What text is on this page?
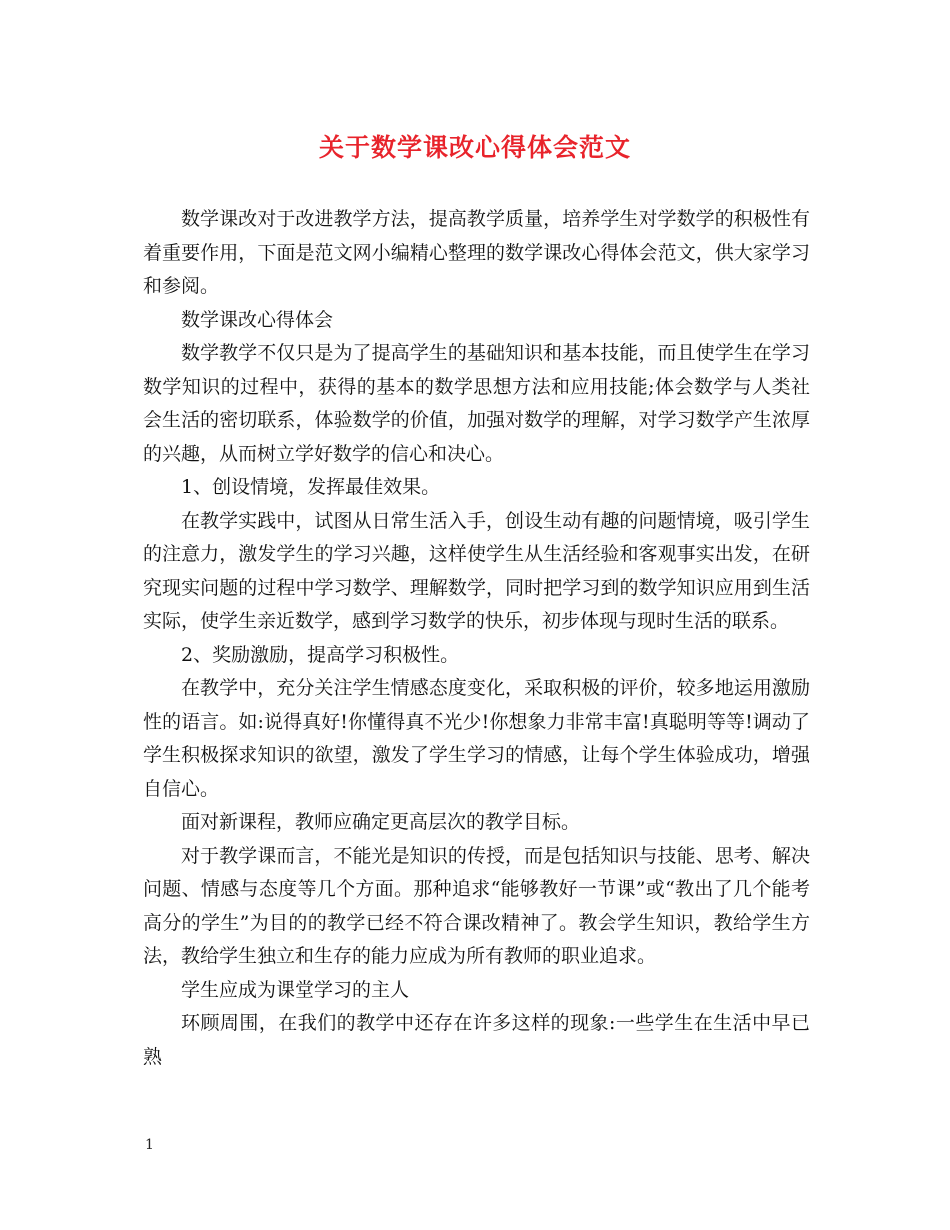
关于数学课改心得体会范文

数学课改对于改进教学方法，提高教学质量，培养学生对学数学的积极性有着重要作用，下面是范文网小编精心整理的数学课改心得体会范文，供大家学习和参阅。

数学课改心得体会

数学教学不仅只是为了提高学生的基础知识和基本技能，而且使学生在学习数学知识的过程中，获得的基本的数学思想方法和应用技能;体会数学与人类社会生活的密切联系，体验数学的价值，加强对数学的理解，对学习数学产生浓厚的兴趣，从而树立学好数学的信心和决心。

1、创设情境，发挥最佳效果。

在教学实践中，试图从日常生活入手，创设生动有趣的问题情境，吸引学生的注意力，激发学生的学习兴趣，这样使学生从生活经验和客观事实出发，在研究现实问题的过程中学习数学、理解数学，同时把学习到的数学知识应用到生活实际，使学生亲近数学，感到学习数学的快乐，初步体现与现时生活的联系。

2、奖励激励，提高学习积极性。

在教学中，充分关注学生情感态度变化，采取积极的评价，较多地运用激励性的语言。如:说得真好!你懂得真不光少!你想象力非常丰富!真聪明等等!调动了学生积极探求知识的欲望，激发了学生学习的情感，让每个学生体验成功，增强自信心。

面对新课程，教师应确定更高层次的教学目标。

对于教学课而言，不能光是知识的传授，而是包括知识与技能、思考、解决问题、情感与态度等几个方面。那种追求“能够教好一节课”或“教出了几个能考高分的学生”为目的的教学已经不符合课改精神了。教会学生知识，教给学生方法，教给学生独立和生存的能力应成为所有教师的职业追求。

学生应成为课堂学习的主人

环顾周围，在我们的教学中还存在许多这样的现象:一些学生在生活中早已熟

1
